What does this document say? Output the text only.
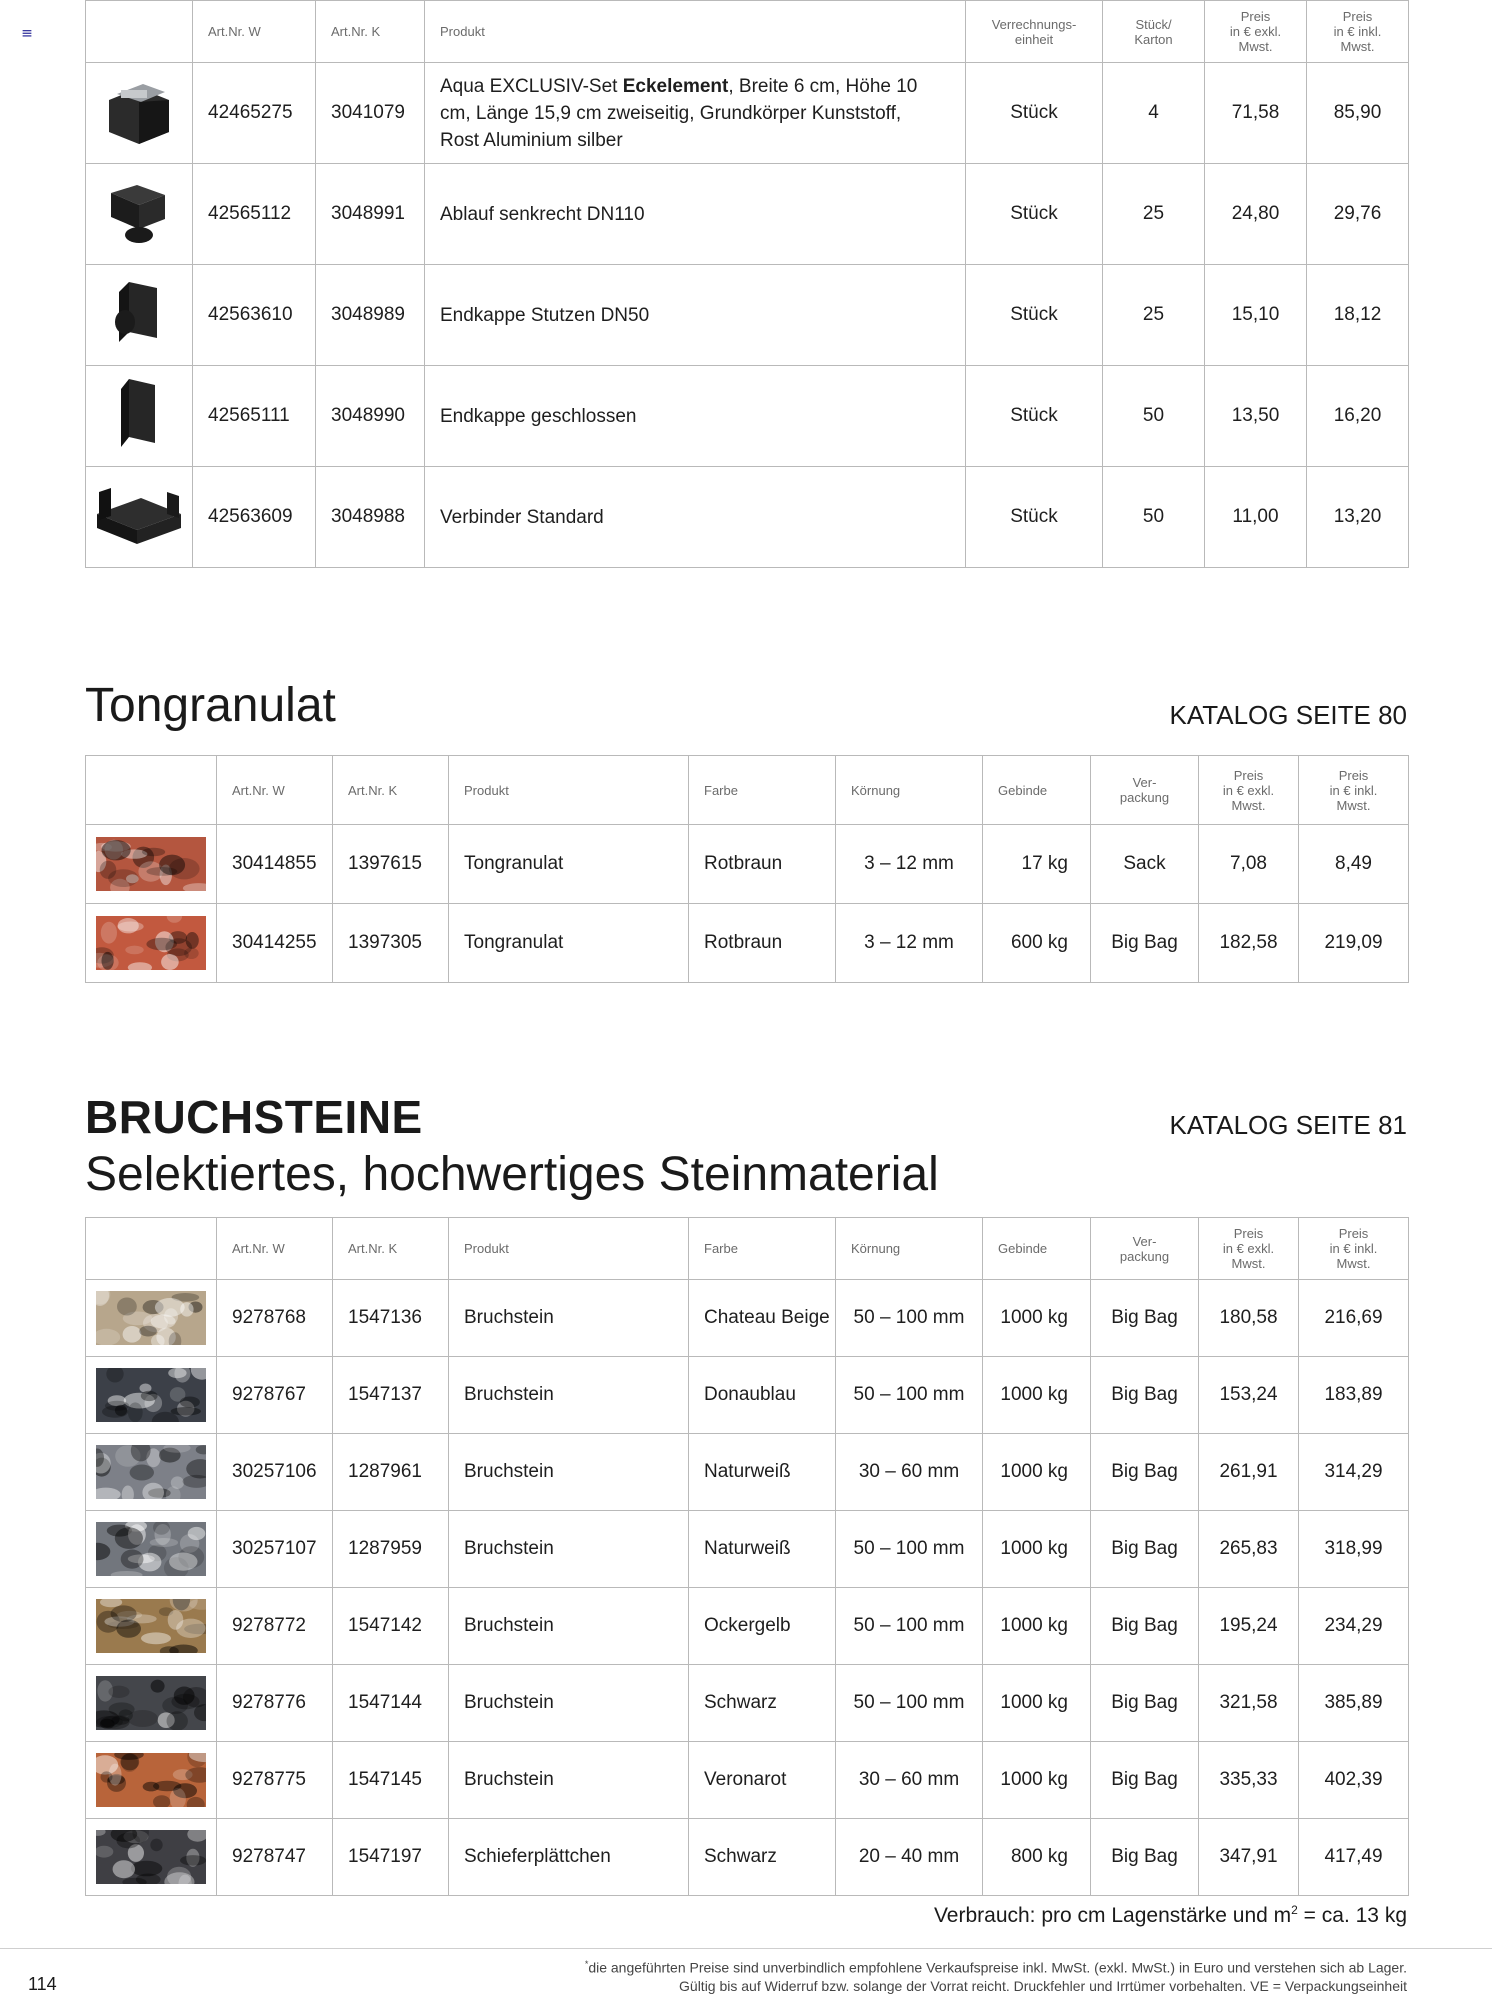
	Art.Nr. W	Art.Nr. K	Produkt	Verrechnungs-
einheit	Stück/
Karton	Preis
in € exkl.
Mwst.	Preis
in € inkl.
Mwst.
	42465275	3041079	Aqua EXCLUSIV-Set Eckelement, Breite 6 cm, Höhe 10 cm, Länge 15,9 cm zweiseitig, Grundkörper Kunststoff, Rost Aluminium silber	Stück	4	71,58	85,90
	42565112	3048991	Ablauf senkrecht DN110	Stück	25	24,80	29,76
	42563610	3048989	Endkappe Stutzen DN50	Stück	25	15,10	18,12
	42565111	3048990	Endkappe geschlossen	Stück	50	13,50	16,20
	42563609	3048988	Verbinder Standard	Stück	50	11,00	13,20
Tongranulat	KATALOG SEITE 80
	Art.Nr. W	Art.Nr. K	Produkt	Farbe	Körnung	Gebinde	Ver-
packung	Preis
in € exkl.
Mwst.	Preis
in € inkl.
Mwst.
	30414855	1397615	Tongranulat	Rotbraun	3 – 12 mm	17 kg	Sack	7,08	8,49
	30414255	1397305	Tongranulat	Rotbraun	3 – 12 mm	600 kg	Big Bag	182,58	219,09
BRUCHSTEINE	KATALOG SEITE 81
Selektiertes, hochwertiges Steinmaterial
	Art.Nr. W	Art.Nr. K	Produkt	Farbe	Körnung	Gebinde	Ver-
packung	Preis
in € exkl.
Mwst.	Preis
in € inkl.
Mwst.
	9278768	1547136	Bruchstein	Chateau Beige	50 – 100 mm	1000 kg	Big Bag	180,58	216,69
	9278767	1547137	Bruchstein	Donaublau	50 – 100 mm	1000 kg	Big Bag	153,24	183,89
	30257106	1287961	Bruchstein	Naturweiß	30 – 60 mm	1000 kg	Big Bag	261,91	314,29
	30257107	1287959	Bruchstein	Naturweiß	50 – 100 mm	1000 kg	Big Bag	265,83	318,99
	9278772	1547142	Bruchstein	Ockergelb	50 – 100 mm	1000 kg	Big Bag	195,24	234,29
	9278776	1547144	Bruchstein	Schwarz	50 – 100 mm	1000 kg	Big Bag	321,58	385,89
	9278775	1547145	Bruchstein	Veronarot	30 – 60 mm	1000 kg	Big Bag	335,33	402,39
	9278747	1547197	Schieferplättchen	Schwarz	20 – 40 mm	800 kg	Big Bag	347,91	417,49
Verbrauch: pro cm Lagenstärke und $m^2$ = ca. 13 kg
114
*die angeführten Preise sind unverbindlich empfohlene Verkaufspreise inkl. MwSt. (exkl. MwSt.) in Euro und verstehen sich ab Lager.
Gültig bis auf Widerruf bzw. solange der Vorrat reicht. Druckfehler und Irrtümer vorbehalten. VE = Verpackungseinheit
